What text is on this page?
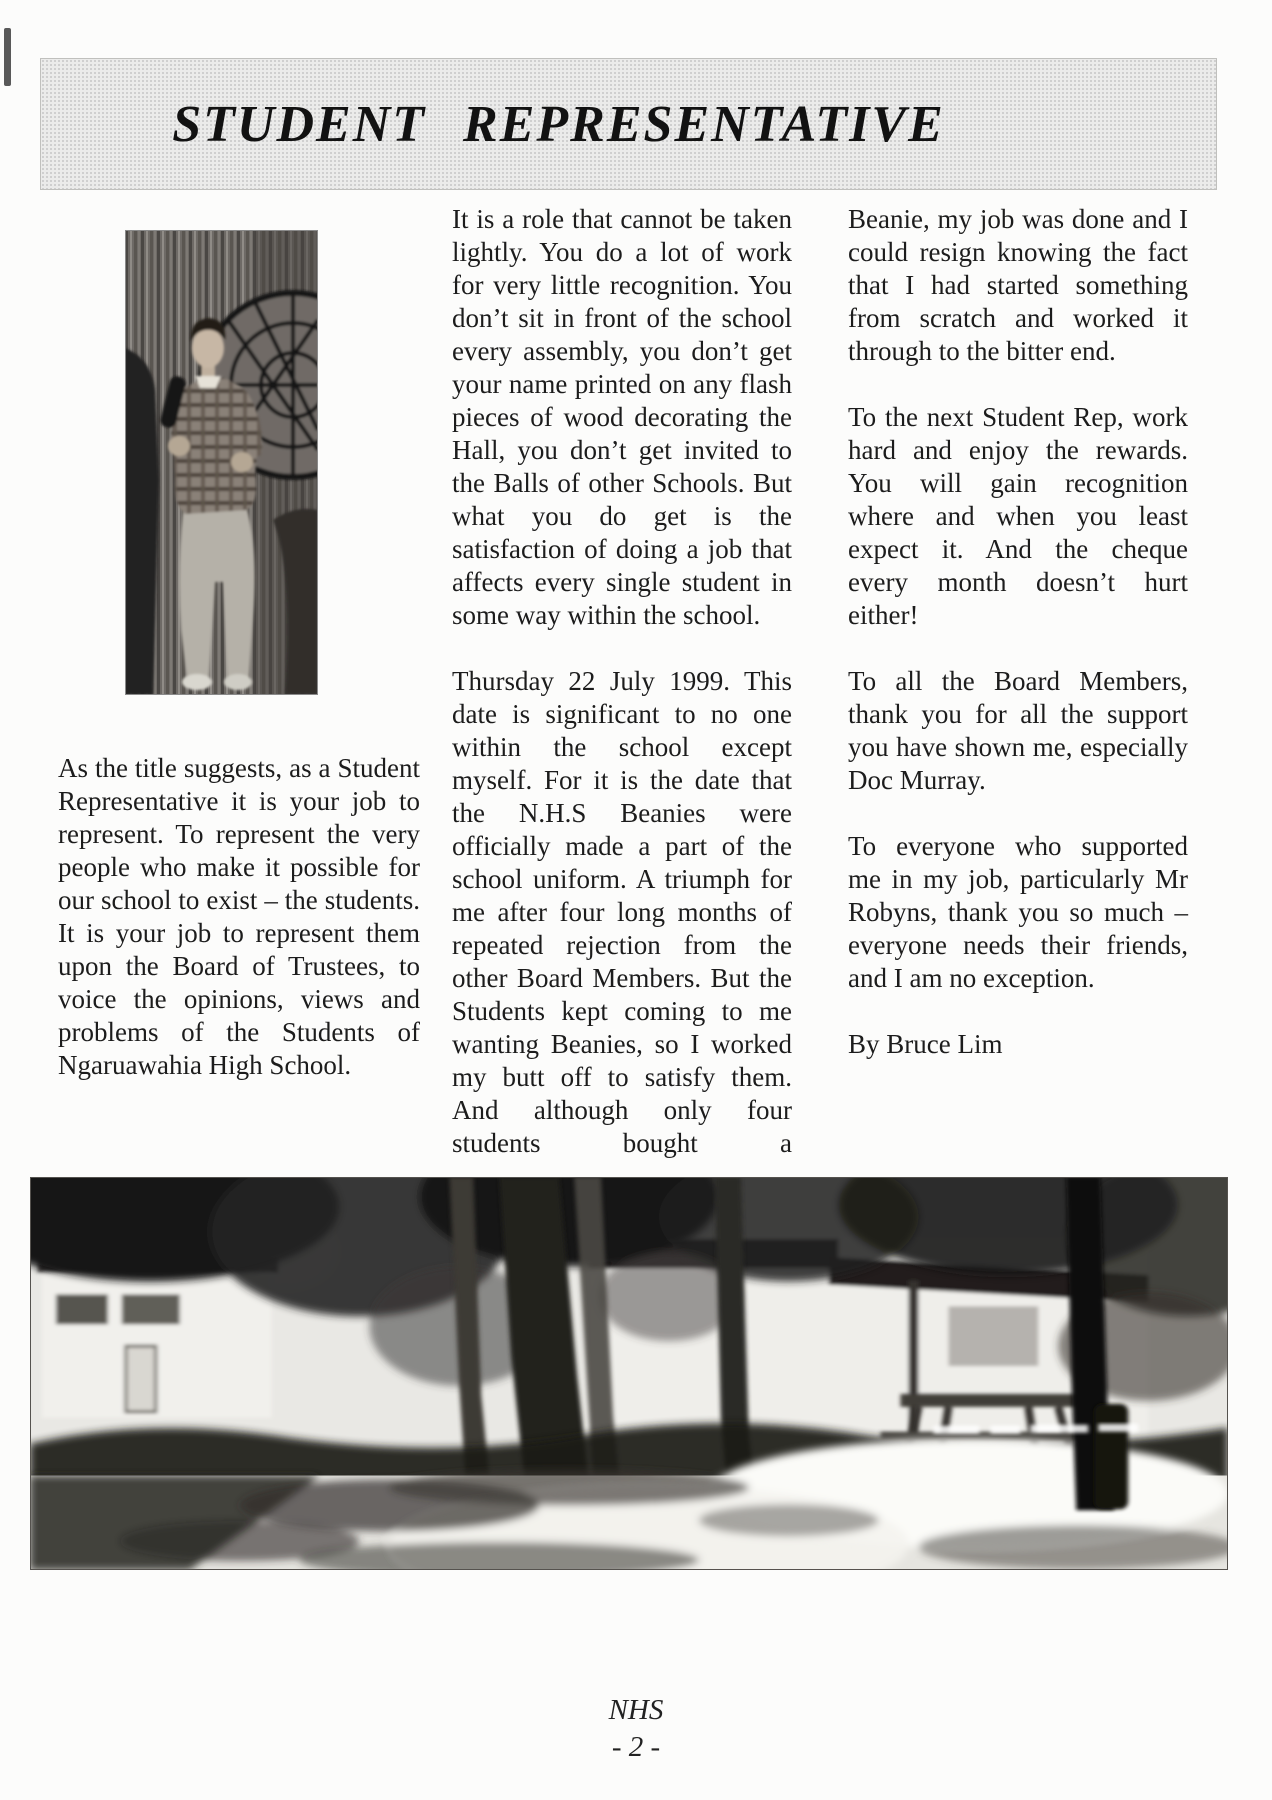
STUDENT REPRESENTATIVE

As the title suggests, as a Student Representative it is your job to represent. To represent the very people who make it possible for our school to exist – the students. It is your job to represent them upon the Board of Trustees, to voice the opinions, views and problems of the Students of Ngaruawahia High School.

It is a role that cannot be taken lightly. You do a lot of work for very little recognition. You don’t sit in front of the school every assembly, you don’t get your name printed on any flash pieces of wood decorating the Hall, you don’t get invited to the Balls of other Schools. But what you do get is the satisfaction of doing a job that affects every single student in some way within the school.

Thursday 22 July 1999. This date is significant to no one within the school except myself. For it is the date that the N.H.S Beanies were officially made a part of the school uniform. A triumph for me after four long months of repeated rejection from the other Board Members. But the Students kept coming to me wanting Beanies, so I worked my butt off to satisfy them. And although only four students bought a

Beanie, my job was done and I could resign knowing the fact that I had started something from scratch and worked it through to the bitter end.

To the next Student Rep, work hard and enjoy the rewards. You will gain recognition where and when you least expect it. And the cheque every month doesn’t hurt either!

To all the Board Members, thank you for all the support you have shown me, especially Doc Murray.

To everyone who supported me in my job, particularly Mr Robyns, thank you so much – everyone needs their friends, and I am no exception.

By Bruce Lim

NHS
- 2 -
